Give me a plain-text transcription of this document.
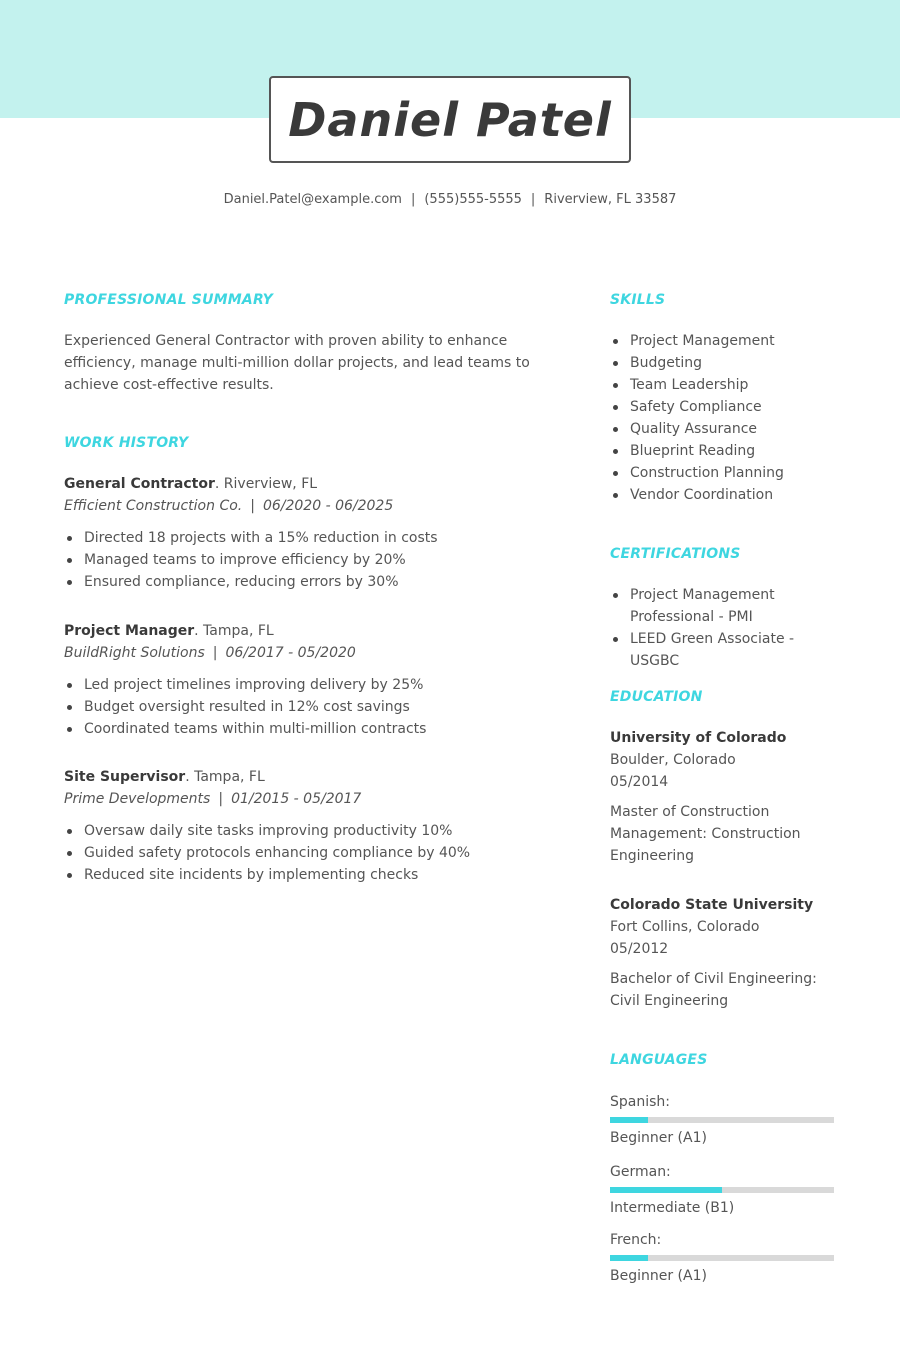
Daniel Patel
Daniel.Patel@example.com | (555)555-5555 | Riverview, FL 33587
PROFESSIONAL SUMMARY

Experienced General Contractor with proven ability to enhance efficiency, manage multi-million dollar projects, and lead teams to achieve cost-effective results.

WORK HISTORY
General Contractor. Riverview, FL
Efficient Construction Co. | 06/2020 - 06/2025
Directed 18 projects with a 15% reduction in costs
Managed teams to improve efficiency by 20%
Ensured compliance, reducing errors by 30%
Project Manager. Tampa, FL
BuildRight Solutions | 06/2017 - 05/2020
Led project timelines improving delivery by 25%
Budget oversight resulted in 12% cost savings
Coordinated teams within multi-million contracts
Site Supervisor. Tampa, FL
Prime Developments | 01/2015 - 05/2017
Oversaw daily site tasks improving productivity 10%
Guided safety protocols enhancing compliance by 40%
Reduced site incidents by implementing checks
SKILLS
Project Management
Budgeting
Team Leadership
Safety Compliance
Quality Assurance
Blueprint Reading
Construction Planning
Vendor Coordination
CERTIFICATIONS
Project Management Professional - PMI
LEED Green Associate - USGBC
EDUCATION
University of Colorado
Boulder, Colorado
05/2014
Master of Construction Management: Construction Engineering
Colorado State University
Fort Collins, Colorado
05/2012
Bachelor of Civil Engineering: Civil Engineering
LANGUAGES
Spanish:
Beginner (A1)
German:
Intermediate (B1)
French:
Beginner (A1)
